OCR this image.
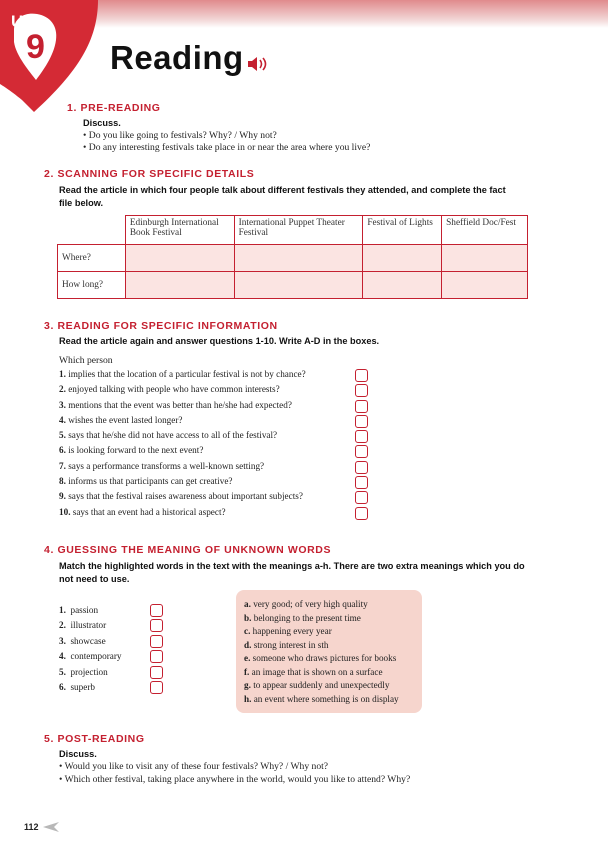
Unit
9 Reading
1. PRE-READING
Discuss.
• Do you like going to festivals? Why? / Why not?
• Do any interesting festivals take place in or near the area where you live?
2. SCANNING FOR SPECIFIC DETAILS
Read the article in which four people talk about different festivals they attended, and complete the fact
file below.
	Edinburgh International Book Festival	International Puppet Theater Festival	Festival of Lights	Sheffield Doc/Fest
Where?				
How long?				
3. READING FOR SPECIFIC INFORMATION
Read the article again and answer questions 1-10. Write A-D in the boxes.
Which person
1. implies that the location of a particular festival is not by chance?
2. enjoyed talking with people who have common interests?
3. mentions that the event was better than he/she had expected?
4. wishes the event lasted longer?
5. says that he/she did not have access to all of the festival?
6. is looking forward to the next event?
7. says a performance transforms a well-known setting?
8. informs us that participants can get creative?
9. says that the festival raises awareness about important subjects?
10. says that an event had a historical aspect?
4. GUESSING THE MEANING OF UNKNOWN WORDS
Match the highlighted words in the text with the meanings a-h. There are two extra meanings which you do
not need to use.
1. passion
2. illustrator
3. showcase
4. contemporary
5. projection
6. superb
a. very good; of very high quality
b. belonging to the present time
c. happening every year
d. strong interest in sth
e. someone who draws pictures for books
f. an image that is shown on a surface
g. to appear suddenly and unexpectedly
h. an event where something is on display
5. POST-READING
Discuss.
• Would you like to visit any of these four festivals? Why? / Why not?
• Which other festival, taking place anywhere in the world, would you like to attend? Why?
112
